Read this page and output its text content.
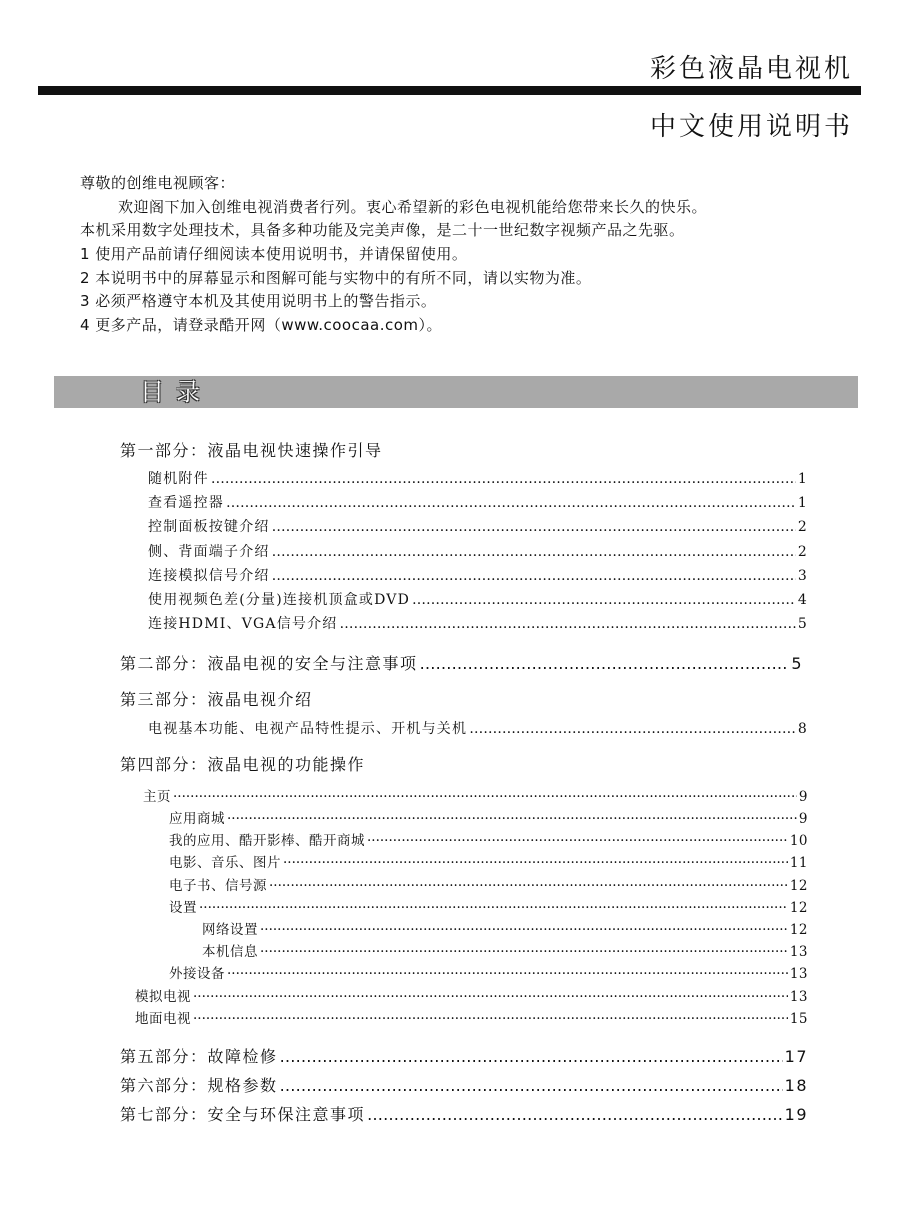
彩色液晶电视机
中文使用说明书
尊敬的创维电视顾客：
欢迎阁下加入创维电视消费者行列。衷心希望新的彩色电视机能给您带来长久的快乐。
本机采用数字处理技术，具备多种功能及完美声像，是二十一世纪数字视频产品之先驱。
1 使用产品前请仔细阅读本使用说明书，并请保留使用。
2 本说明书中的屏幕显示和图解可能与实物中的有所不同，请以实物为准。
3 必须严格遵守本机及其使用说明书上的警告指示。
4 更多产品，请登录酷开网（www.coocaa.com）。
目录
第一部分：液晶电视快速操作引导
随机附件 …………………………………………………………………………………………………………………………………………………………………………………………………………	1
查看遥控器 …………………………………………………………………………………………………………………………………………………………………………………………………………	1
控制面板按键介绍 …………………………………………………………………………………………………………………………………………………………………………………………………………	2
侧、背面端子介绍 …………………………………………………………………………………………………………………………………………………………………………………………………………	2
连接模拟信号介绍 …………………………………………………………………………………………………………………………………………………………………………………………………………	3
使用视频色差(分量)连接机顶盒或DVD …………………………………………………………………………………………………………………………………………………………………………………………………………	4
连接HDMI、VGA信号介绍 …………………………………………………………………………………………………………………………………………………………………………………………………………	5
第二部分：液晶电视的安全与注意事项 …………………………………………………………………………………………………………………………………………………………………………………………………………	5
第三部分：液晶电视介绍
电视基本功能、电视产品特性提示、开机与关机 …………………………………………………………………………………………………………………………………………………………………………………………………………	8
第四部分：液晶电视的功能操作
主页 ·····	9
应用商城 ·····	9
我的应用、酷开影棒、酷开商城 ·····	10
电影、音乐、图片 ·····	11
电子书、信号源 ·····	12
设置 ·····	12
网络设置 ·····	12
本机信息 ·····	13
外接设备 ·····	13
模拟电视 ·····	13
地面电视 ·····	15
第五部分：故障检修 …………………………………………………………………………………………………………………………………………………………………………………………………………	17
第六部分：规格参数 …………………………………………………………………………………………………………………………………………………………………………………………………………	18
第七部分：安全与环保注意事项 …………………………………………………………………………………………………………………………………………………………………………………………………………	19
